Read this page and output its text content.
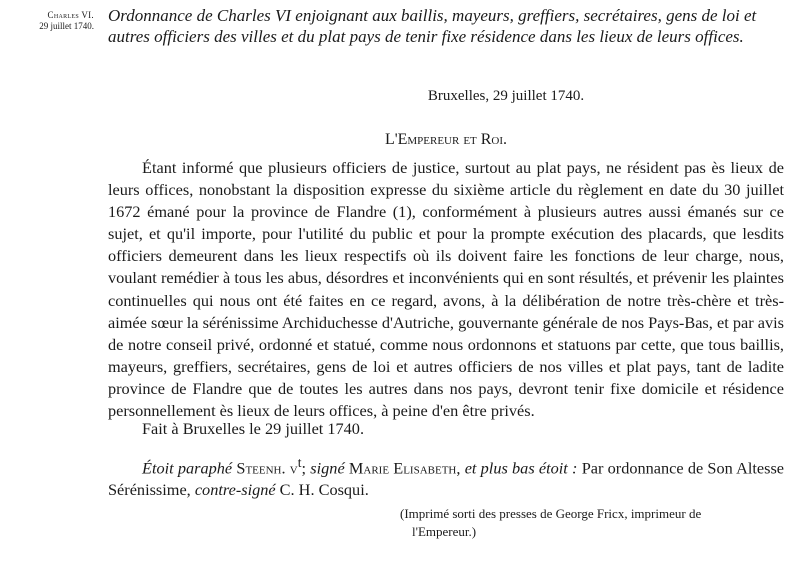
Charles VI.
29 juillet 1740.
Ordonnance de Charles VI enjoignant aux baillis, mayeurs, greffiers, secrétaires, gens de loi et autres officiers des villes et du plat pays de tenir fixe résidence dans les lieux de leurs offices.
Bruxelles, 29 juillet 1740.
L'Empereur et Roi.

Étant informé que plusieurs officiers de justice, surtout au plat pays, ne résident pas ès lieux de leurs offices, nonobstant la disposition expresse du sixième article du règlement en date du 30 juillet 1672 émané pour la province de Flandre (1), conformément à plusieurs autres aussi émanés sur ce sujet, et qu'il importe, pour l'utilité du public et pour la prompte exécution des placards, que lesdits officiers demeurent dans les lieux respectifs où ils doivent faire les fonctions de leur charge, nous, voulant remédier à tous les abus, désordres et inconvénients qui en sont résultés, et prévenir les plaintes continuelles qui nous ont été faites en ce regard, avons, à la délibération de notre très-chère et très-aimée sœur la sérénissime Archiduchesse d'Autriche, gouvernante générale de nos Pays-Bas, et par avis de notre conseil privé, ordonné et statué, comme nous ordonnons et statuons par cette, que tous baillis, mayeurs, greffiers, secrétaires, gens de loi et autres officiers de nos villes et plat pays, tant de ladite province de Flandre que de toutes les autres dans nos pays, devront tenir fixe domicile et résidence personnellement ès lieux de leurs offices, à peine d'en être privés.

Fait à Bruxelles le 29 juillet 1740.

Étoit paraphé Steenh. $v^t$; signé Marie Elisabeth, et plus bas étoit : Par ordonnance de Son Altesse Sérénissime, contre-signé C. H. Cosqui.

(Imprimé sorti des presses de George Fricx, imprimeur de
l'Empereur.)
